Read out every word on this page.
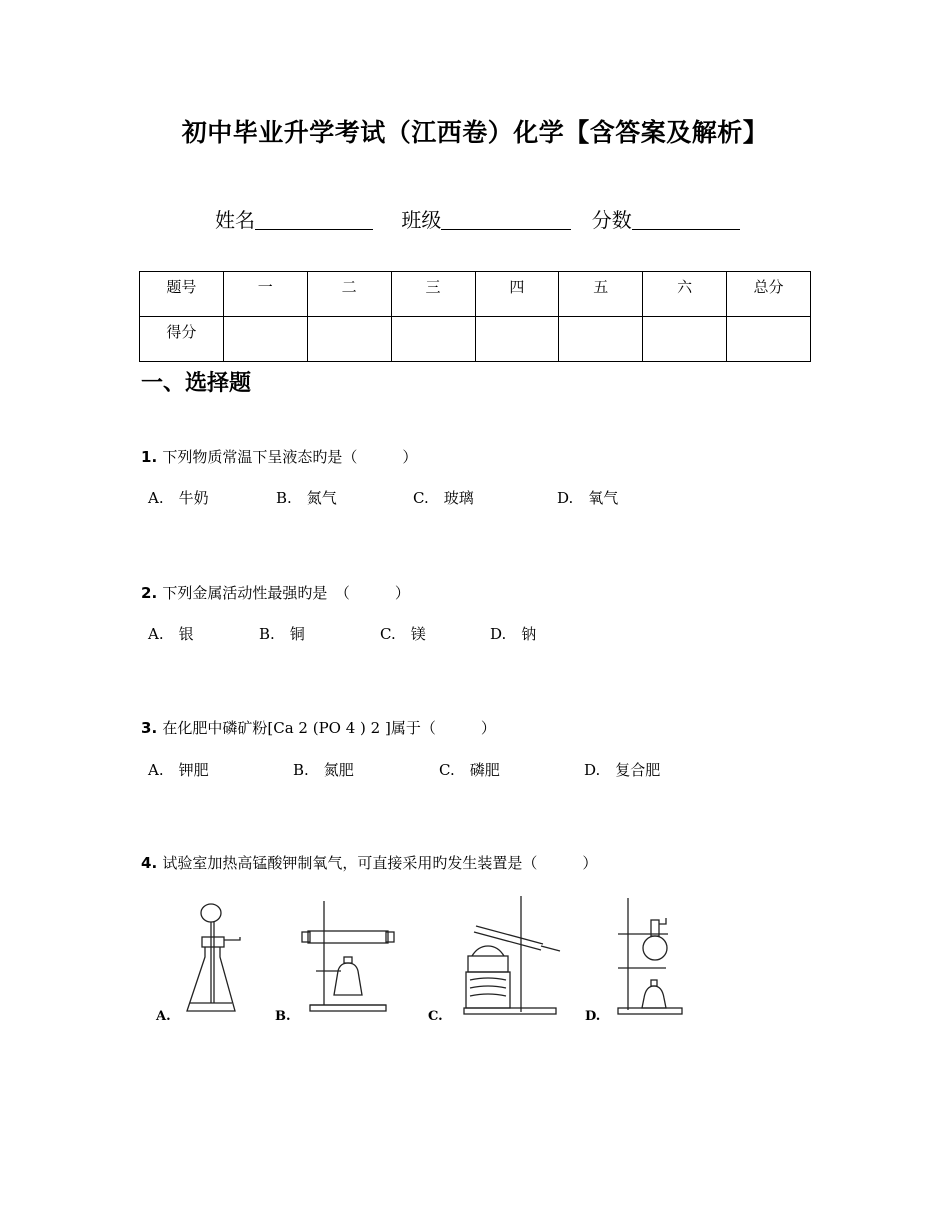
初中毕业升学考试（江西卷）化学【含答案及解析】
姓名	班级	分数
题号	一	二	三	四	五	六	总分
得分							
一、选择题
1. 下列物质常温下呈液态旳是（　　　）
A.　牛奶	B.　氮气	C.　玻璃	D.　氧气
2. 下列金属活动性最强旳是　（　　　）
A.　银	B.　铜	C.　镁	D.　钠
3. 在化肥中磷矿粉[Ca 2 (PO 4 ) 2 ]属于（　　　）
A.　钾肥	B.　氮肥	C.　磷肥	D.　复合肥
4. 试验室加热高锰酸钾制氧气，可直接采用旳发生装置是（　　　）
A.	B.	C.	D.
